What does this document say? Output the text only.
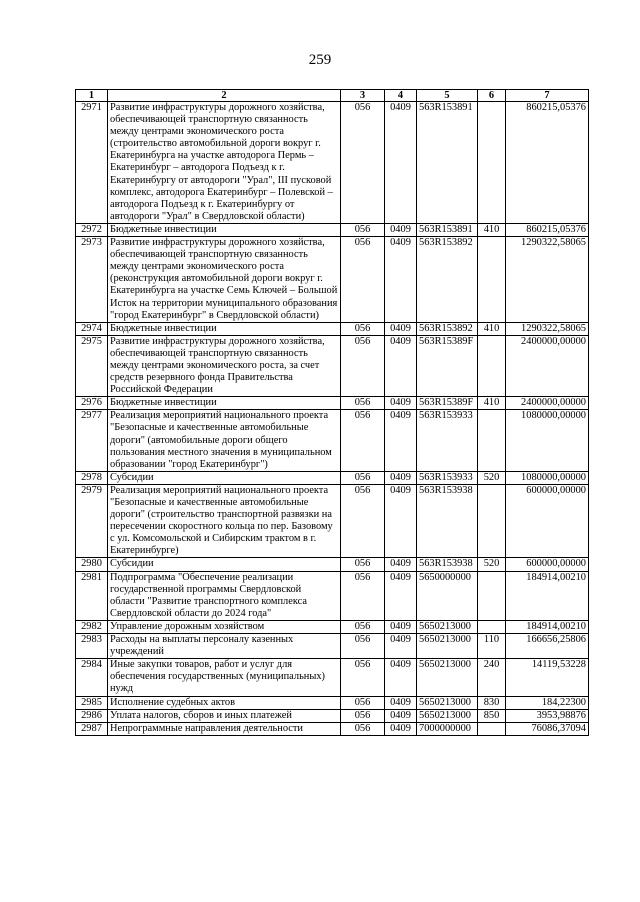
259
1	2	3	4	5	6	7
2971	Развитие инфраструктуры дорожного хозяйства, обеспечивающей транспортную связанность между центрами экономического роста (строительство автомобильной дороги вокруг г. Екатеринбурга на участке автодорога Пермь – Екатеринбург – автодорога Подъезд к г. Екатеринбургу от автодороги "Урал", III пусковой комплекс, автодорога Екатеринбург – Полевской – автодорога Подъезд к г. Екатеринбургу от автодороги "Урал" в Свердловской области)	056	0409	563R153891		860215,05376
2972	Бюджетные инвестиции	056	0409	563R153891	410	860215,05376
2973	Развитие инфраструктуры дорожного хозяйства, обеспечивающей транспортную связанность между центрами экономического роста (реконструкция автомобильной дороги вокруг г. Екатеринбурга на участке Семь Ключей – Большой Исток на территории муниципального образования "город Екатеринбург" в Свердловской области)	056	0409	563R153892		1290322,58065
2974	Бюджетные инвестиции	056	0409	563R153892	410	1290322,58065
2975	Развитие инфраструктуры дорожного хозяйства, обеспечивающей транспортную связанность между центрами экономического роста, за счет средств резервного фонда Правительства Российской Федерации	056	0409	563R15389F		2400000,00000
2976	Бюджетные инвестиции	056	0409	563R15389F	410	2400000,00000
2977	Реализация мероприятий национального проекта "Безопасные и качественные автомобильные дороги" (автомобильные дороги общего пользования местного значения в муниципальном образовании "город Екатеринбург")	056	0409	563R153933		1080000,00000
2978	Субсидии	056	0409	563R153933	520	1080000,00000
2979	Реализация мероприятий национального проекта "Безопасные и качественные автомобильные дороги" (строительство транспортной развязки на пересечении скоростного кольца по пер. Базовому с ул. Комсомольской и Сибирским трактом в г. Екатеринбурге)	056	0409	563R153938		600000,00000
2980	Субсидии	056	0409	563R153938	520	600000,00000
2981	Подпрограмма "Обеспечение реализации государственной программы Свердловской области "Развитие транспортного комплекса Свердловской области до 2024 года"	056	0409	5650000000		184914,00210
2982	Управление дорожным хозяйством	056	0409	5650213000		184914,00210
2983	Расходы на выплаты персоналу казенных учреждений	056	0409	5650213000	110	166656,25806
2984	Иные закупки товаров, работ и услуг для обеспечения государственных (муниципальных) нужд	056	0409	5650213000	240	14119,53228
2985	Исполнение судебных актов	056	0409	5650213000	830	184,22300
2986	Уплата налогов, сборов и иных платежей	056	0409	5650213000	850	3953,98876
2987	Непрограммные направления деятельности	056	0409	7000000000		76086,37094
